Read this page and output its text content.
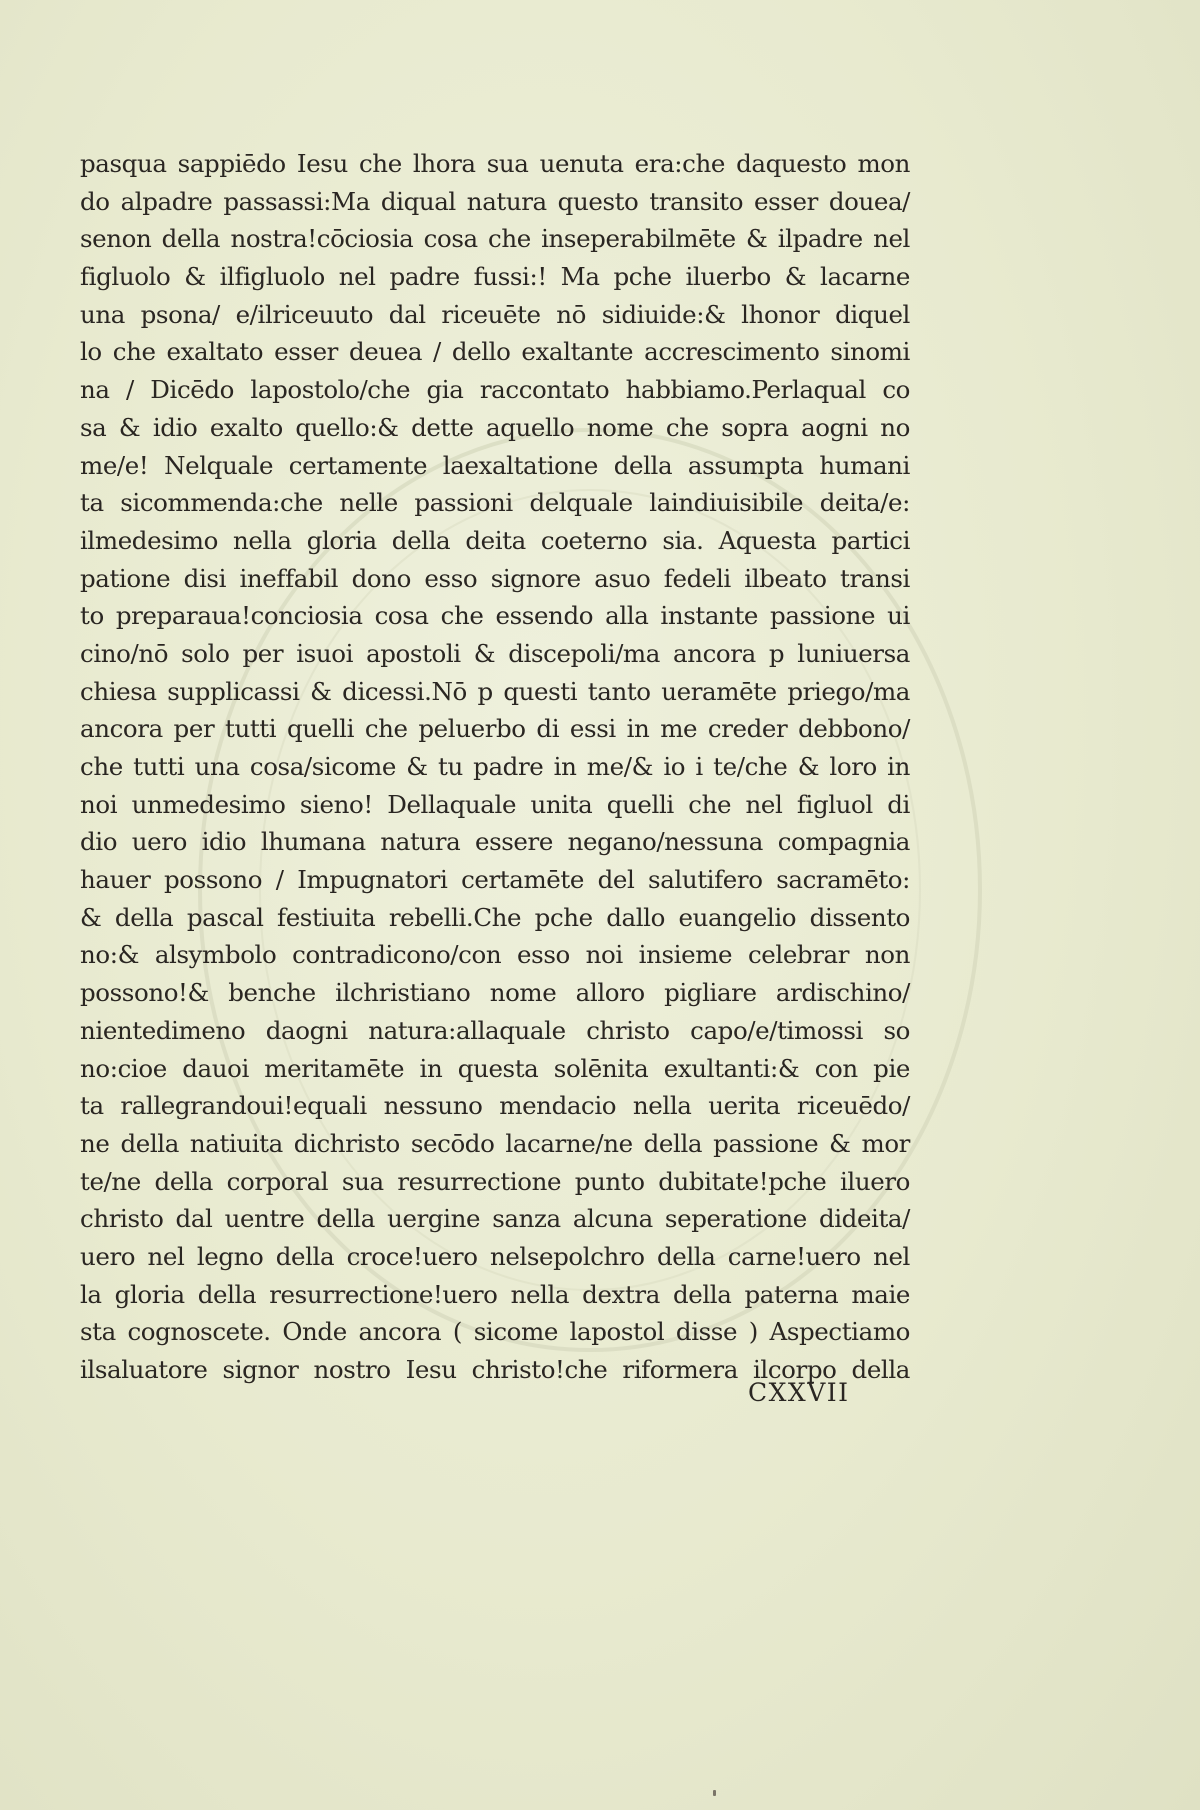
pasqua sappiēdo Iesu che lhora sua uenuta era:che daquesto mon
do alpadre passassi:Ma diqual natura questo transito esser douea/
senon della nostra!cōciosia cosa che inseperabilmēte & ilpadre nel
figluolo & ilfigluolo nel padre fussi:! Ma pche iluerbo & lacarne
una psona/ e/ilriceuuto dal riceuēte nō sidiuide:& lhonor diquel
lo che exaltato esser deuea / dello exaltante accrescimento sinomi
na / Dicēdo lapostolo/che gia raccontato habbiamo.Perlaqual co
sa & idio exalto quello:& dette aquello nome che sopra aogni no
me/e! Nelquale certamente laexaltatione della assumpta humani
ta sicommenda:che nelle passioni delquale laindiuisibile deita/e:
ilmedesimo nella gloria della deita coeterno sia. Aquesta partici
patione disi ineffabil dono esso signore asuo fedeli ilbeato transi
to preparaua!conciosia cosa che essendo alla instante passione ui
cino/nō solo per isuoi apostoli & discepoli/ma ancora p luniuersa
chiesa supplicassi & dicessi.Nō p questi tanto ueramēte priego/ma
ancora per tutti quelli che peluerbo di essi in me creder debbono/
che tutti una cosa/sicome & tu padre in me/& io i te/che & loro in
noi unmedesimo sieno! Dellaquale unita quelli che nel figluol di
dio uero idio lhumana natura essere negano/nessuna compagnia
hauer possono / Impugnatori certamēte del salutifero sacramēto:
& della pascal festiuita rebelli.Che pche dallo euangelio dissento
no:& alsymbolo contradicono/con esso noi insieme celebrar non
possono!& benche ilchristiano nome alloro pigliare ardischino/
nientedimeno daogni natura:allaquale christo capo/e/timossi so
no:cioe dauoi meritamēte in questa solēnita exultanti:& con pie
ta rallegrandoui!equali nessuno mendacio nella uerita riceuēdo/
ne della natiuita dichristo secōdo lacarne/ne della passione & mor
te/ne della corporal sua resurrectione punto dubitate!pche iluero
christo dal uentre della uergine sanza alcuna seperatione dideita/
uero nel legno della croce!uero nelsepolchro della carne!uero nel
la gloria della resurrectione!uero nella dextra della paterna maie
sta cognoscete. Onde ancora ( sicome lapostol disse ) Aspectiamo
ilsaluatore signor nostro Iesu christo!che riformera ilcorpo della
CXXVII
